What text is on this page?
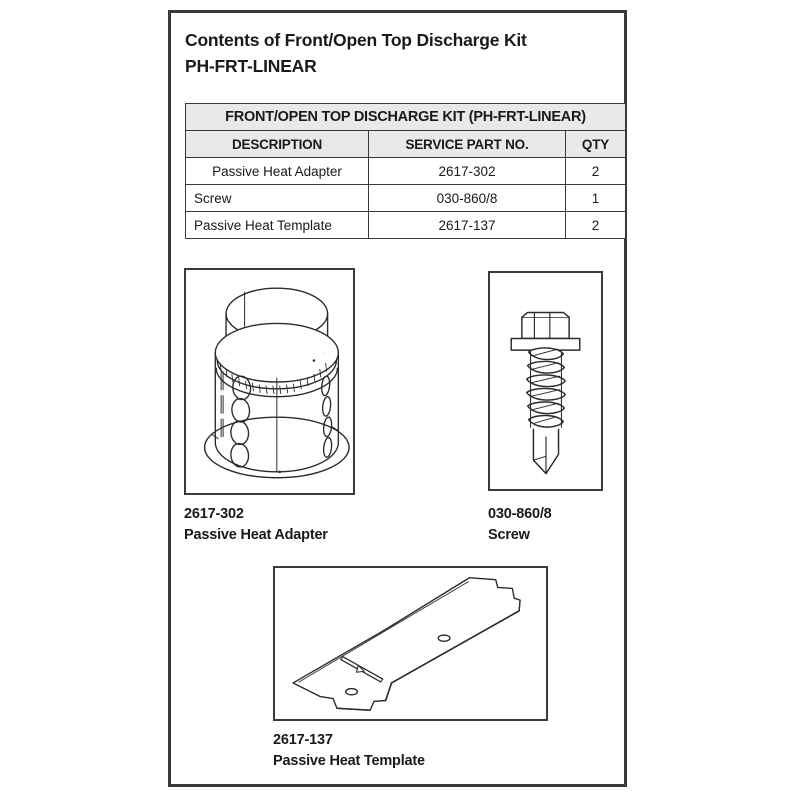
Contents of Front/Open Top Discharge Kit
PH-FRT-LINEAR
FRONT/OPEN TOP DISCHARGE KIT (PH-FRT-LINEAR)		
DESCRIPTION	SERVICE PART NO.	QTY
Passive Heat Adapter	2617-302	2
Screw	030-860/8	1
Passive Heat Template	2617-137	2
2617-302
Passive Heat Adapter
030-860/8
Screw
2617-137
Passive Heat Template
